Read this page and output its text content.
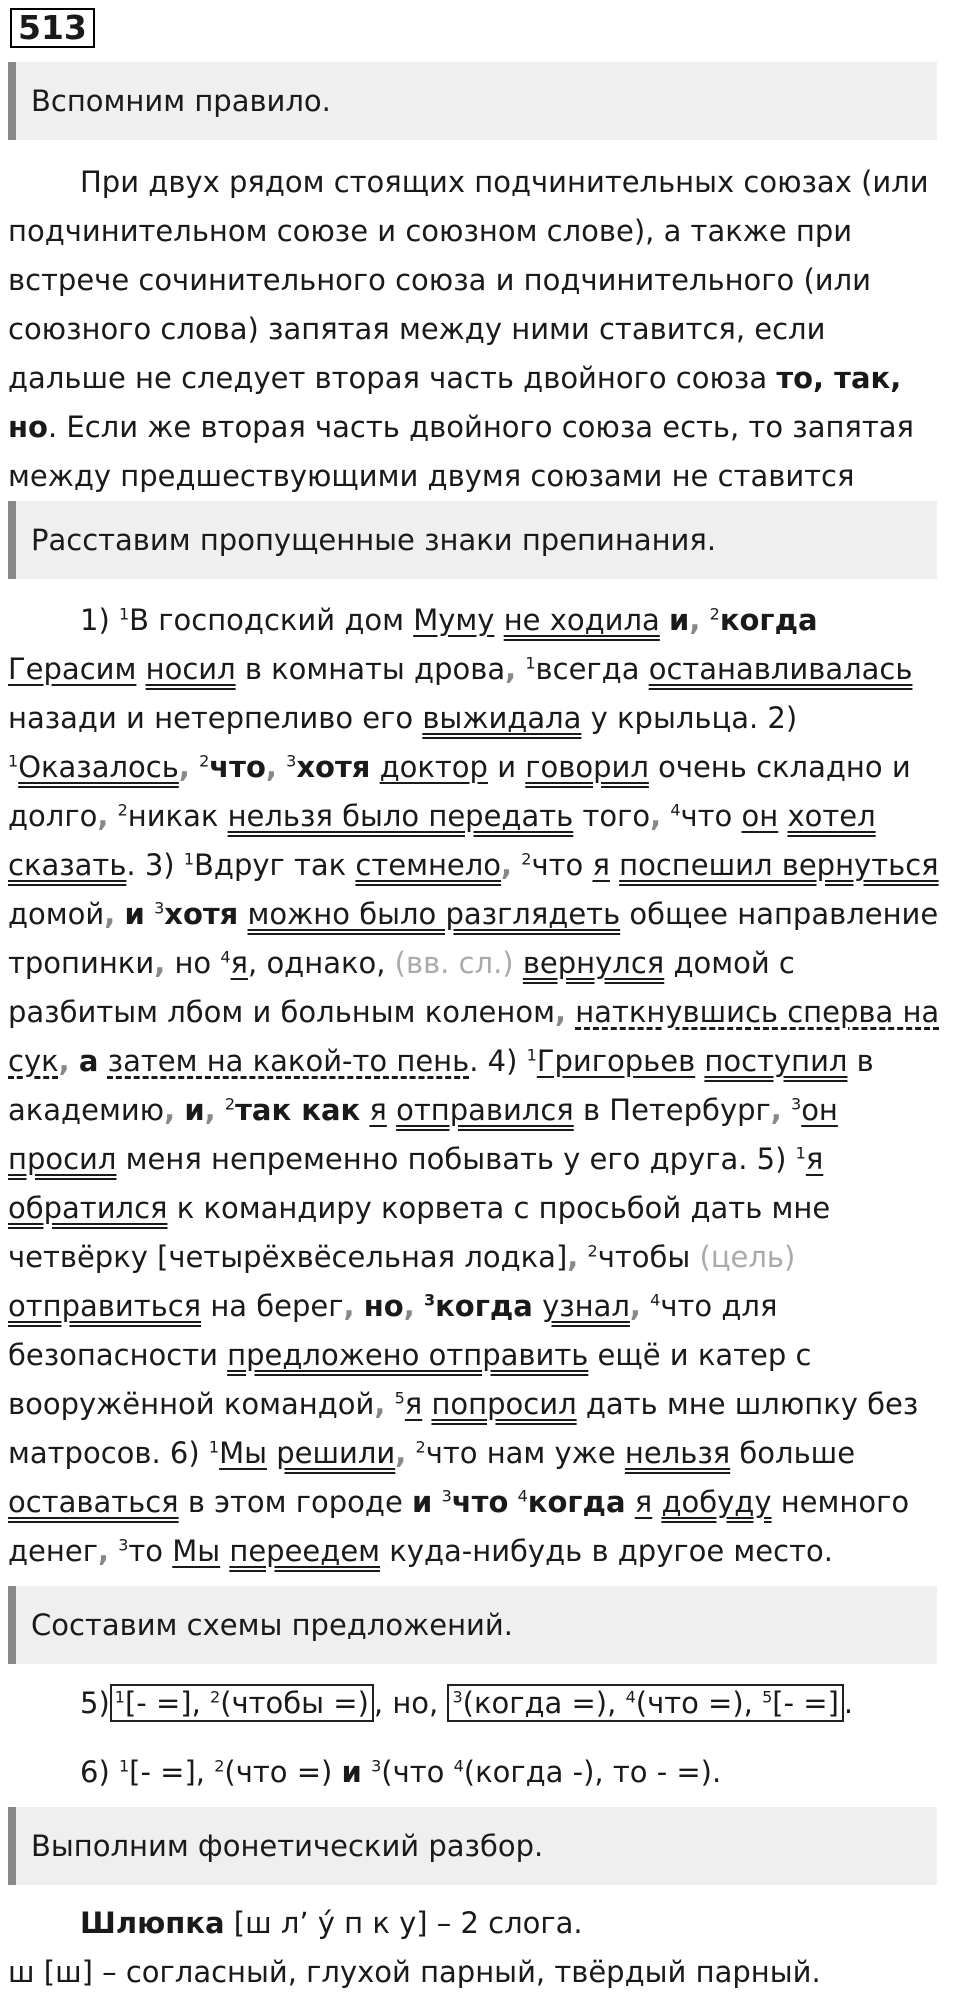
513
Вспомним правило.
При двух рядом стоящих подчинительных союзах (или подчинительном союзе и союзном слове), а также при встрече сочинительного союза и подчинительного (или союзного слова) запятая между ними ставится, если дальше не следует вторая часть двойного союза то, так, но. Если же вторая часть двойного союза есть, то запятая между предшествующими двумя союзами не ставится
Расставим пропущенные знаки препинания.
1) $^1$В господский дом Муму не ходила и, $^2$когда Герасим носил в комнаты дрова, $^1$всегда останавливалась назади и нетерпеливо его выжидала у крыльца. 2) $^1$Оказалось, $^2$что, $^3$хотя доктор и говорил очень складно и долго, $^2$никак нельзя было передать того, $^4$что он хотел сказать. 3) $^1$Вдруг так стемнело, $^2$что я поспешил вернуться домой, и $^3$хотя можно было разглядеть общее направление тропинки, но $^4$я, однако, (вв. сл.) вернулся домой с разбитым лбом и больным коленом, наткнувшись сперва на сук, а затем на какой-то пень. 4) $^1$Григорьев поступил в академию, и, $^2$так как я отправился в Петербург, $^3$он просил меня непременно побывать у его друга. 5) $^1$я обратился к командиру корвета с просьбой дать мне четвёрку [четырёхвёсельная лодка], $^2$чтобы (цель) отправиться на берег, но, $^3$когда узнал, $^4$что для безопасности предложено отправить ещё и катер с вооружённой командой, $^5$я попросил дать мне шлюпку без матросов. 6) $^1$Мы решили, $^2$что нам уже нельзя больше оставаться в этом городе и $^3$что $^4$когда я добуду немного денег, $^3$то Мы переедем куда-нибудь в другое место.
Составим схемы предложений.
5) $^1$[- =], $^2$(чтобы =) , но, $^3$(когда =), $^4$(что =), $^5$[- =] .
6) $^1$[- =], $^2$(что =) и $^3$(что $^4$(когда -), то - =).
Выполним фонетический разбор.
Шлюпка [ш л’ у́ п к у] – 2 слога.
ш [ш] – согласный, глухой парный, твёрдый парный.
